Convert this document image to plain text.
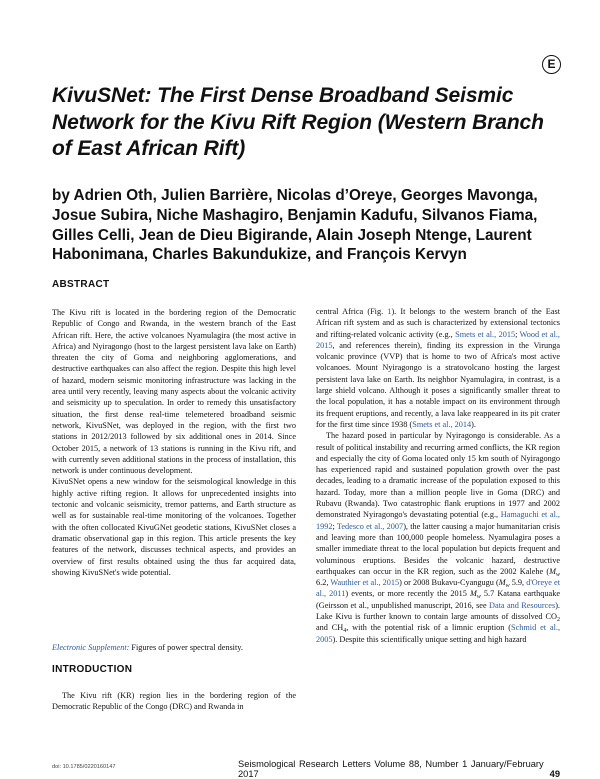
E
KivuSNet: The First Dense Broadband Seismic Network for the Kivu Rift Region (Western Branch of East African Rift)
by Adrien Oth, Julien Barrière, Nicolas d’Oreye, Georges Mavonga, Josue Subira, Niche Mashagiro, Benjamin Kadufu, Silvanos Fiama, Gilles Celli, Jean de Dieu Bigirande, Alain Joseph Ntenge, Laurent Habonimana, Charles Bakundukize, and François Kervyn
ABSTRACT

The Kivu rift is located in the bordering region of the Democratic Republic of Congo and Rwanda, in the western branch of the East African rift. Here, the active volcanoes Nyamulagira (the most active in Africa) and Nyiragongo (host to the largest persistent lava lake on Earth) threaten the city of Goma and neighboring agglomerations, and destructive earthquakes can also affect the region. Despite this high level of hazard, modern seismic monitoring infrastructure was lacking in the area until very recently, leaving many aspects about the volcanic activity and seismicity up to speculation. In order to remedy this unsatisfactory situation, the first dense real-time telemetered broadband seismic network, KivuSNet, was deployed in the region, with the first two stations in 2012/2013 followed by six additional ones in 2014. Since October 2015, a network of 13 stations is running in the Kivu rift, and with currently seven additional stations in the process of installation, this network is under continuous development.

KivuSNet opens a new window for the seismological knowledge in this highly active rifting region. It allows for unprecedented insights into tectonic and volcanic seismicity, tremor patterns, and Earth structure as well as for sustainable real-time monitoring of the volcanoes. Together with the often collocated KivuGNet geodetic stations, KivuSNet closes a dramatic observational gap in this region. This article presents the key features of the network, discusses technical aspects, and provides an overview of first results obtained using the thus far acquired data, showing KivuSNet's wide potential.

Electronic Supplement: Figures of power spectral density.
INTRODUCTION

The Kivu rift (KR) region lies in the bordering region of the Democratic Republic of the Congo (DRC) and Rwanda in

central Africa (Fig. 1). It belongs to the western branch of the East African rift system and as such is characterized by extensional tectonics and rifting-related volcanic activity (e.g., Smets et al., 2015; Wood et al., 2015, and references therein), finding its expression in the Virunga volcanic province (VVP) that is home to two of Africa's most active volcanoes. Mount Nyiragongo is a stratovolcano hosting the largest persistent lava lake on Earth. Its neighbor Nyamulagira, in contrast, is a large shield volcano. Although it poses a significantly smaller threat to the local population, it has a notable impact on its environment through its frequent eruptions, and recently, a lava lake reappeared in its pit crater for the first time since 1938 (Smets et al., 2014).

The hazard posed in particular by Nyiragongo is considerable. As a result of political instability and recurring armed conflicts, the KR region and especially the city of Goma located only 15 km south of Nyiragongo has experienced rapid and sustained population growth over the past decades, leading to a dramatic increase of the population exposed to this hazard. Today, more than a million people live in Goma (DRC) and Rubavu (Rwanda). Two catastrophic flank eruptions in 1977 and 2002 demonstrated Nyiragongo's devastating potential (e.g., Hamaguchi et al., 1992; Tedesco et al., 2007), the latter causing a major humanitarian crisis and leaving more than 100,000 people homeless. Nyamulagira poses a smaller immediate threat to the local population but depicts frequent and voluminous eruptions. Besides the volcanic hazard, destructive earthquakes can occur in the KR region, such as the 2002 Kalehe ($M_w$ 6.2, Wauthier et al., 2015) or 2008 Bukavu-Cyangugu ($M_w$ 5.9, d'Oreye et al., 2011) events, or more recently the 2015 $M_w$ 5.7 Katana earthquake (Geirsson et al., unpublished manuscript, 2016, see Data and Resources). Lake Kivu is further known to contain large amounts of dissolved $CO_2$ and $CH_4$, with the potential risk of a limnic eruption (Schmid et al., 2005). Despite this scientifically unique setting and high hazard

doi: 10.1785/0220160147	Seismological Research Letters Volume 88, Number 1 January/February 2017	49
